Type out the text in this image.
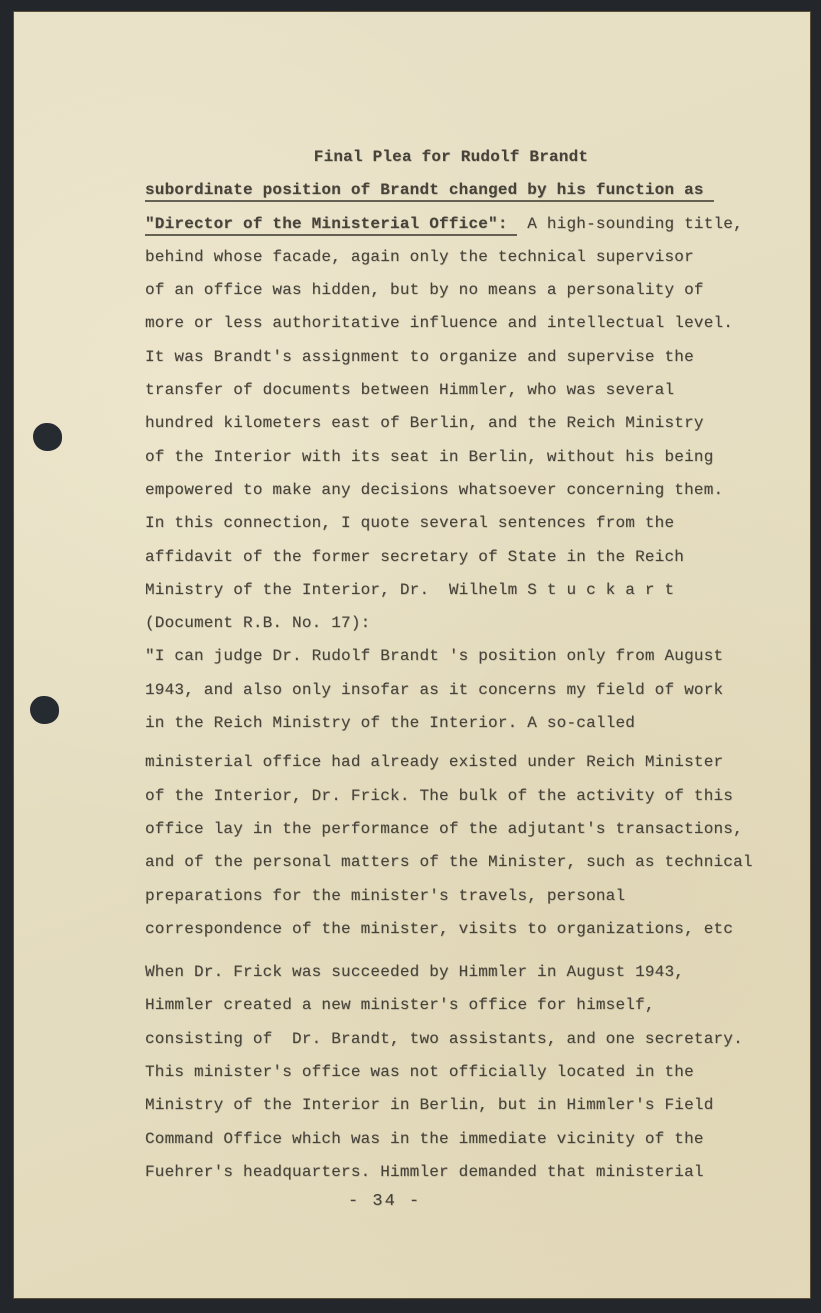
Final Plea for Rudolf Brandt
subordinate position of Brandt changed by his function as
"Director of the Ministerial Office":  A high-sounding title,
behind whose facade, again only the technical supervisor
of an office was hidden, but by no means a personality of
more or less authoritative influence and intellectual level.
It was Brandt's assignment to organize and supervise the
transfer of documents between Himmler, who was several
hundred kilometers east of Berlin, and the Reich Ministry
of the Interior with its seat in Berlin, without his being
empowered to make any decisions whatsoever concerning them.
In this connection, I quote several sentences from the
affidavit of the former secretary of State in the Reich
Ministry of the Interior, Dr.  Wilhelm S t u c k a r t
(Document R.B. No. 17):
"I can judge Dr. Rudolf Brandt 's position only from August
1943, and also only insofar as it concerns my field of work
in the Reich Ministry of the Interior. A so-called
ministerial office had already existed under Reich Minister
of the Interior, Dr. Frick. The bulk of the activity of this
office lay in the performance of the adjutant's transactions,
and of the personal matters of the Minister, such as technical
preparations for the minister's travels, personal
correspondence of the minister, visits to organizations, etc
When Dr. Frick was succeeded by Himmler in August 1943,
Himmler created a new minister's office for himself,
consisting of  Dr. Brandt, two assistants, and one secretary.
This minister's office was not officially located in the
Ministry of the Interior in Berlin, but in Himmler's Field
Command Office which was in the immediate vicinity of the
Fuehrer's headquarters. Himmler demanded that ministerial
- 34 -
